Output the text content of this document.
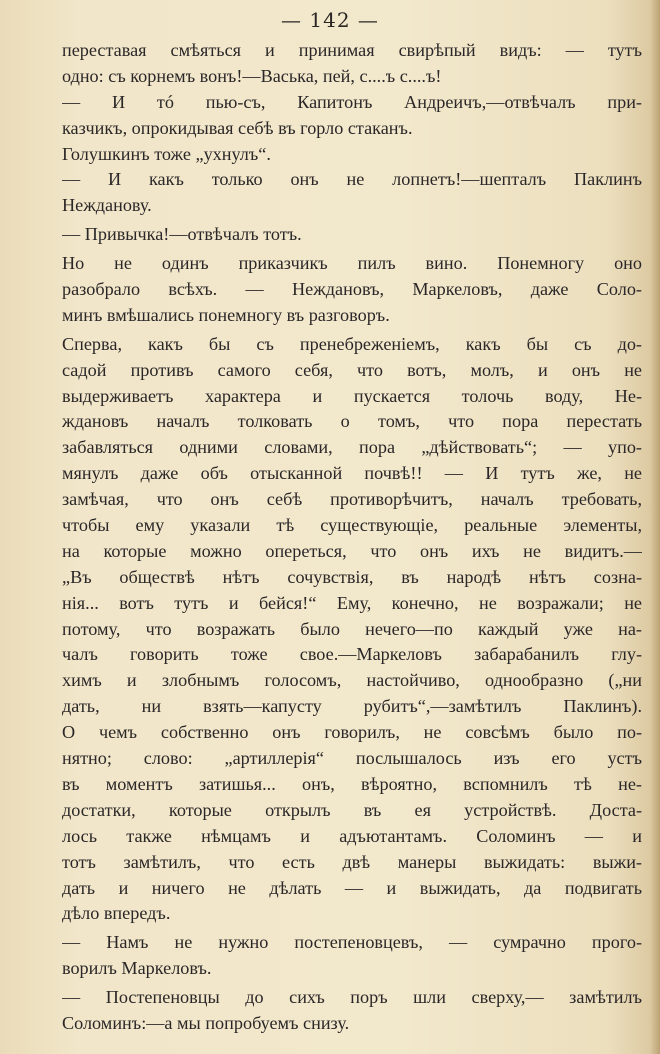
— 142 —
переставая смѣяться и принимая свирѣпый видъ: — тутъ
одно: съ корнемъ вонъ!—Васька, пей, с....ъ с....ъ!
— И тó пью-съ, Капитонъ Андреичъ,—отвѣчалъ при-
казчикъ, опрокидывая себѣ въ горло стаканъ.
Голушкинъ тоже „ухнулъ“.
— И какъ только онъ не лопнетъ!—шепталъ Паклинъ
Нежданову.
— Привычка!—отвѣчалъ тотъ.
Но не одинъ приказчикъ пилъ вино. Понемногу оно
разобрало всѣхъ. — Неждановъ, Маркеловъ, даже Соло-
минъ вмѣшались понемногу въ разговоръ.
Сперва, какъ бы съ пренебреженіемъ, какъ бы съ до-
садой противъ самого себя, что вотъ, молъ, и онъ не
выдерживаетъ характера и пускается толочь воду, Не-
ждановъ началъ толковать о томъ, что пора перестать
забавляться одними словами, пора „дѣйствовать“; — упо-
мянулъ даже объ отысканной почвѣ!! — И тутъ же, не
замѣчая, что онъ себѣ противорѣчитъ, началъ требовать,
чтобы ему указали тѣ существующіе, реальные элементы,
на которые можно опереться, что онъ ихъ не видитъ.—
„Въ обществѣ нѣтъ сочувствія, въ народѣ нѣтъ созна-
нія... вотъ тутъ и бейся!“ Ему, конечно, не возражали; не
потому, что возражать было нечего—по каждый уже на-
чалъ говорить тоже свое.—Маркеловъ забарабанилъ глу-
химъ и злобнымъ голосомъ, настойчиво, однообразно („ни
дать, ни взять—капусту рубитъ“,—замѣтилъ Паклинъ).
О чемъ собственно онъ говорилъ, не совсѣмъ было по-
нятно; слово: „артиллерія“ послышалось изъ его устъ
въ моментъ затишья... онъ, вѣроятно, вспомнилъ тѣ не-
достатки, которые открылъ въ ея устройствѣ. Доста-
лось также нѣмцамъ и адъютантамъ. Соломинъ — и
тотъ замѣтилъ, что есть двѣ манеры выжидать: выжи-
дать и ничего не дѣлать — и выжидать, да подвигать
дѣло впередъ.
— Намъ не нужно постепеновцевъ, — сумрачно прого-
ворилъ Маркеловъ.
— Постепеновцы до сихъ поръ шли сверху,— замѣтилъ
Соломинъ:—а мы попробуемъ снизу.
